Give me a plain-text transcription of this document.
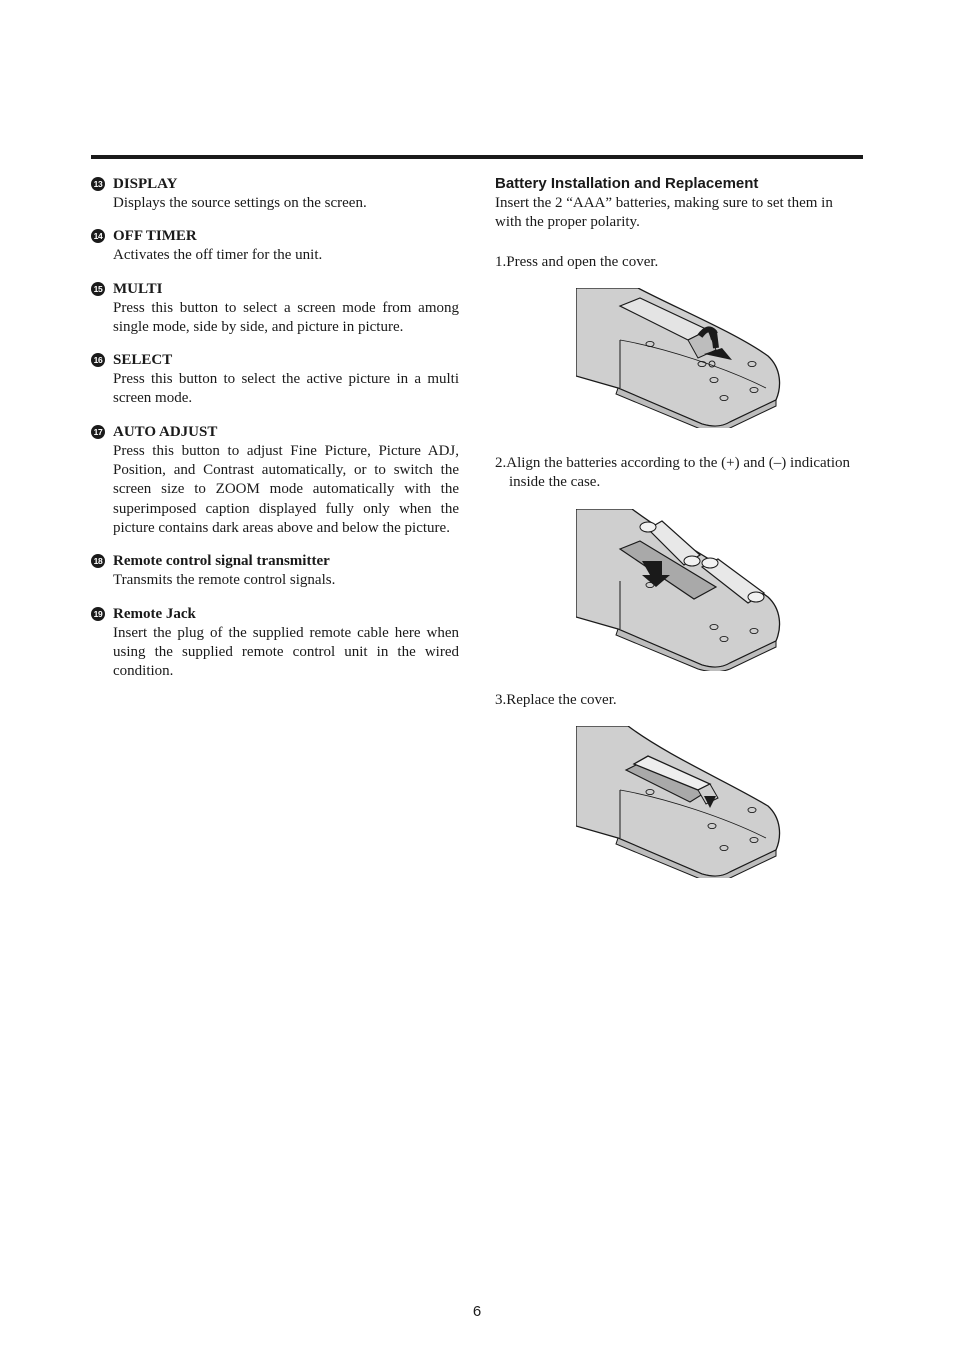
13 DISPLAY
Displays the source settings on the screen.
14 OFF TIMER
Activates the off timer for the unit.
15 MULTI
Press this button to select a screen mode from among single mode, side by side, and picture in picture.
16 SELECT
Press this button to select the active picture in a multi screen mode.
17 AUTO ADJUST
Press this button to adjust Fine Picture, Picture ADJ, Position, and Contrast automatically, or to switch the screen size to ZOOM mode automatically with the superimposed caption displayed fully only when the picture contains dark areas above and below the picture.
18 Remote control signal transmitter
Transmits the remote control signals.
19 Remote Jack
Insert the plug of the supplied remote cable here when using the supplied remote control unit in the wired condition.
Battery Installation and Replacement
Insert the 2 “AAA” batteries, making sure to set them in with the proper polarity.
1.Press and open the cover.
2.Align the batteries according to the (+) and (–) indication inside the case.
3.Replace the cover.
6
